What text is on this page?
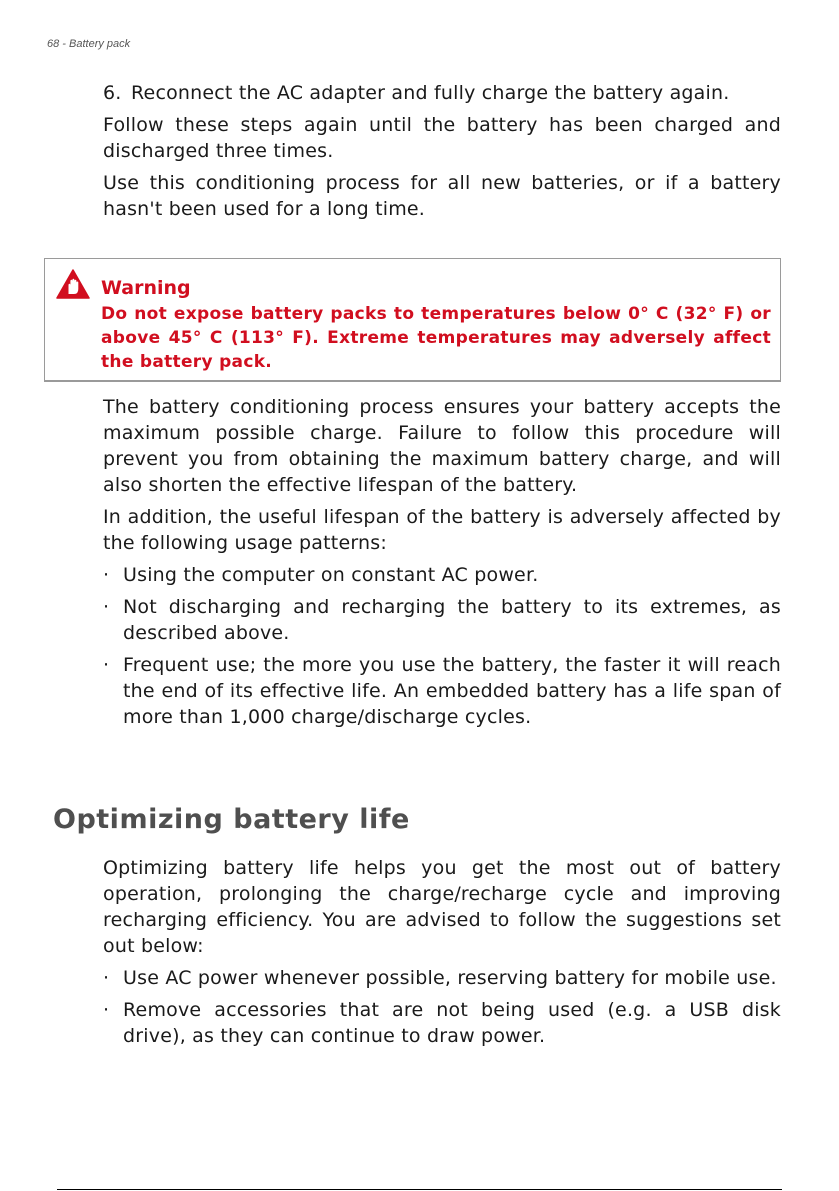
68 - Battery pack

6. Reconnect the AC adapter and fully charge the battery again.

Follow these steps again until the battery has been charged and discharged three times.

Use this conditioning process for all new batteries, or if a battery hasn't been used for a long time.

Warning
Do not expose battery packs to temperatures below 0° C (32° F) or above 45° C (113° F). Extreme temperatures may adversely affect the battery pack.

The battery conditioning process ensures your battery accepts the maximum possible charge. Failure to follow this procedure will prevent you from obtaining the maximum battery charge, and will also shorten the effective lifespan of the battery.

In addition, the useful lifespan of the battery is adversely affected by the following usage patterns:

· Using the computer on constant AC power.
· Not discharging and recharging the battery to its extremes, as described above.
· Frequent use; the more you use the battery, the faster it will reach the end of its effective life. An embedded battery has a life span of more than 1,000 charge/discharge cycles.
Optimizing battery life

Optimizing battery life helps you get the most out of battery operation, prolonging the charge/recharge cycle and improving recharging efficiency. You are advised to follow the suggestions set out below:

· Use AC power whenever possible, reserving battery for mobile use.
· Remove accessories that are not being used (e.g. a USB disk drive), as they can continue to draw power.
